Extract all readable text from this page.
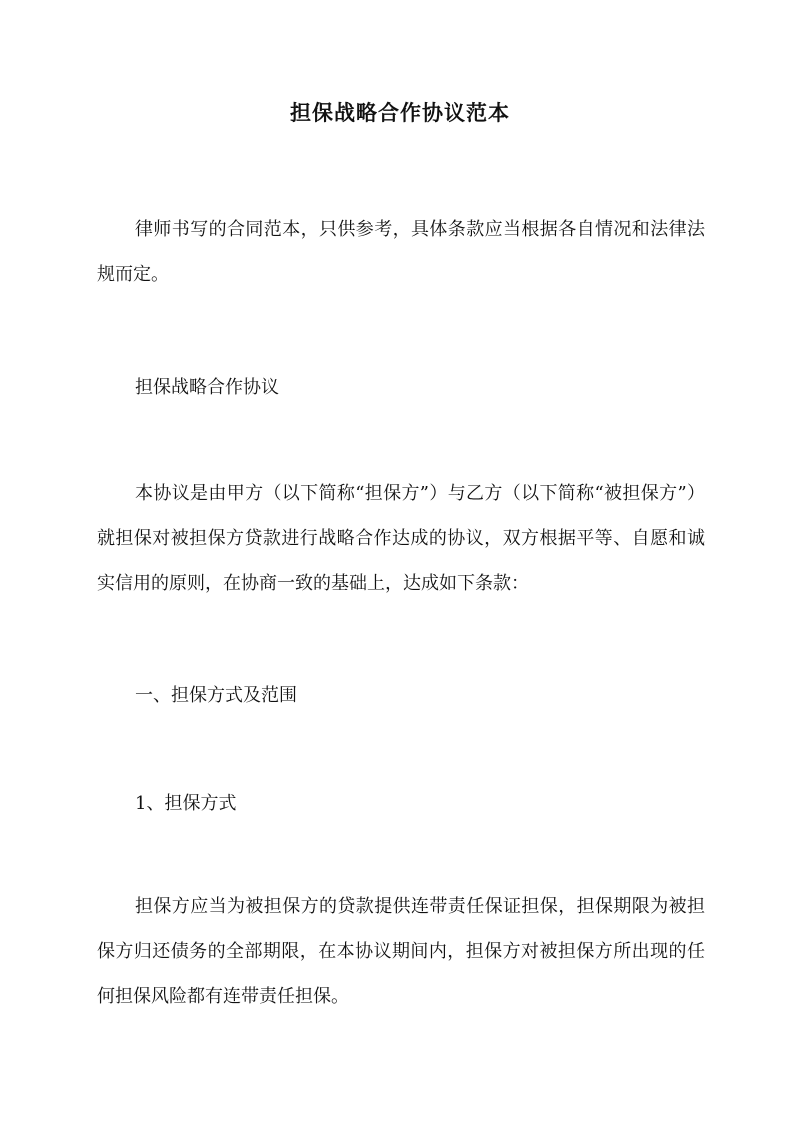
担保战略合作协议范本

律师书写的合同范本，只供参考，具体条款应当根据各自情况和法律法规而定。

担保战略合作协议

本协议是由甲方（以下简称“担保方”）与乙方（以下简称“被担保方”）就担保对被担保方贷款进行战略合作达成的协议，双方根据平等、自愿和诚实信用的原则，在协商一致的基础上，达成如下条款：

一、担保方式及范围

1、担保方式

担保方应当为被担保方的贷款提供连带责任保证担保，担保期限为被担保方归还债务的全部期限，在本协议期间内，担保方对被担保方所出现的任何担保风险都有连带责任担保。
